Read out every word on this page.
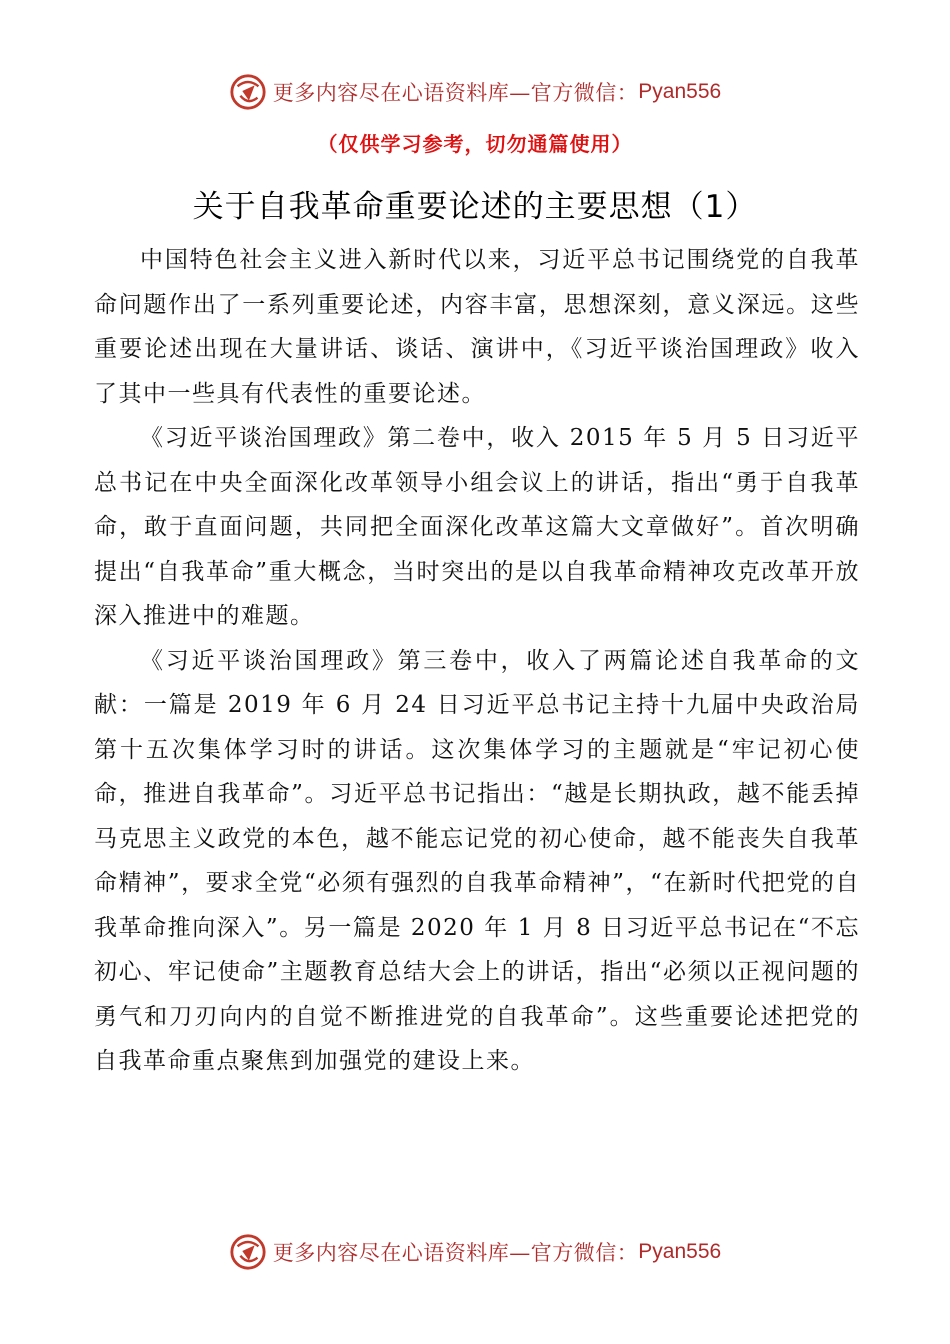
更多内容尽在心语资料库—官方微信： Pyan556
（仅供学习参考，切勿通篇使用）
关于自我革命重要论述的主要思想（1）

中国特色社会主义进入新时代以来，习近平总书记围绕党的自我革命问题作出了一系列重要论述，内容丰富，思想深刻，意义深远。这些重要论述出现在大量讲话、谈话、演讲中，《习近平谈治国理政》收入了其中一些具有代表性的重要论述。

《习近平谈治国理政》第二卷中，收入 2015 年 5 月 5 日习近平总书记在中央全面深化改革领导小组会议上的讲话，指出“勇于自我革命，敢于直面问题，共同把全面深化改革这篇大文章做好”。首次明确提出“自我革命”重大概念，当时突出的是以自我革命精神攻克改革开放深入推进中的难题。

《习近平谈治国理政》第三卷中，收入了两篇论述自我革命的文献：一篇是 2019 年 6 月 24 日习近平总书记主持十九届中央政治局第十五次集体学习时的讲话。这次集体学习的主题就是“牢记初心使命，推进自我革命”。习近平总书记指出：“越是长期执政，越不能丢掉马克思主义政党的本色，越不能忘记党的初心使命，越不能丧失自我革命精神”，要求全党“必须有强烈的自我革命精神”，“在新时代把党的自我革命推向深入”。另一篇是 2020 年 1 月 8 日习近平总书记在“不忘初心、牢记使命”主题教育总结大会上的讲话，指出“必须以正视问题的勇气和刀刃向内的自觉不断推进党的自我革命”。这些重要论述把党的自我革命重点聚焦到加强党的建设上来。

更多内容尽在心语资料库—官方微信： Pyan556
